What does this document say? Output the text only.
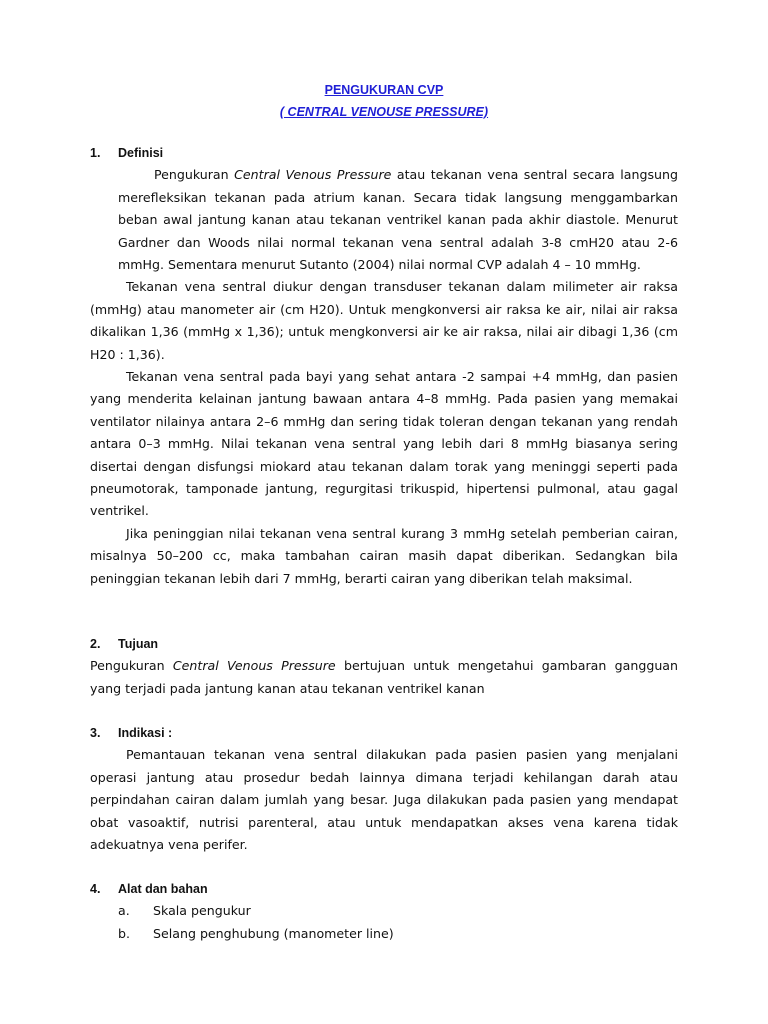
PENGUKURAN CVP
( CENTRAL VENOUSE PRESSURE)
1.	Definisi

Pengukuran Central Venous Pressure atau tekanan vena sentral secara langsung merefleksikan tekanan pada atrium kanan. Secara tidak langsung menggambarkan beban awal jantung kanan atau tekanan ventrikel kanan pada akhir diastole. Menurut Gardner dan Woods nilai normal tekanan vena sentral adalah 3-8 cmH20 atau 2-6 mmHg. Sementara menurut Sutanto (2004) nilai normal CVP adalah 4 – 10 mmHg.

Tekanan vena sentral diukur dengan transduser tekanan dalam milimeter air raksa (mmHg) atau manometer air (cm H20). Untuk mengkonversi air raksa ke air, nilai air raksa dikalikan 1,36 (mmHg x 1,36); untuk mengkonversi air ke air raksa, nilai air dibagi 1,36 (cm H20 : 1,36).

Tekanan vena sentral pada bayi yang sehat antara -2 sampai +4 mmHg, dan pasien yang menderita kelainan jantung bawaan antara 4–8 mmHg. Pada pasien yang memakai ventilator nilainya antara 2–6 mmHg dan sering tidak toleran dengan tekanan yang rendah antara 0–3 mmHg. Nilai tekanan vena sentral yang lebih dari 8 mmHg biasanya sering disertai dengan disfungsi miokard atau tekanan dalam torak yang meninggi seperti pada pneumotorak, tamponade jantung, regurgitasi trikuspid, hipertensi pulmonal, atau gagal ventrikel.

Jika peninggian nilai tekanan vena sentral kurang 3 mmHg setelah pemberian cairan, misalnya 50–200 cc, maka tambahan cairan masih dapat diberikan. Sedangkan bila peninggian tekanan lebih dari 7 mmHg, berarti cairan yang diberikan telah maksimal.

2.	Tujuan

Pengukuran Central Venous Pressure bertujuan untuk mengetahui gambaran gangguan yang terjadi pada jantung kanan atau tekanan ventrikel kanan

3.	Indikasi :

Pemantauan tekanan vena sentral dilakukan pada pasien pasien yang menjalani operasi jantung atau prosedur bedah lainnya dimana terjadi kehilangan darah atau perpindahan cairan dalam jumlah yang besar. Juga dilakukan pada pasien yang mendapat obat vasoaktif, nutrisi parenteral, atau untuk mendapatkan akses vena karena tidak adekuatnya vena perifer.

4.	Alat dan bahan
a.	Skala pengukur
b.	Selang penghubung (manometer line)
